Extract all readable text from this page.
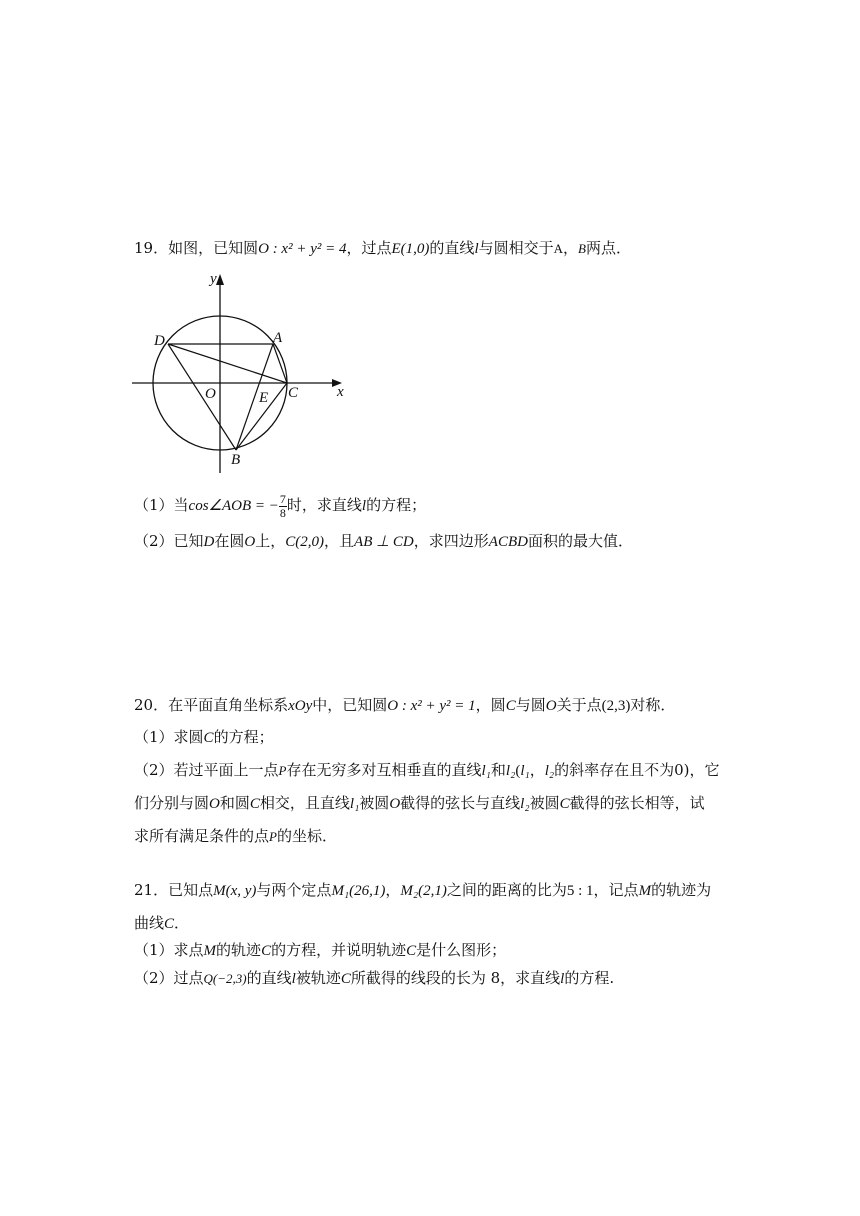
19．如图，已知圆O : x² + y² = 4，过点E(1,0)的直线l与圆相交于A，B两点．
y
x
D	A
O	E C
B
（1）当cos∠AOB = − $\frac{7}{8}$ 时，求直线l的方程；
（2）已知D在圆O上，C(2,0)，且AB ⊥ CD，求四边形ACBD面积的最大值．
20．在平面直角坐标系xOy中，已知圆O : x² + y² = 1，圆C与圆O关于点(2,3)对称．
（1）求圆C的方程；
（2）若过平面上一点P存在无穷多对互相垂直的直线l₁和l₂(l₁，l₂的斜率存在且不为0)，它
们分别与圆O和圆C相交，且直线l₁被圆O截得的弦长与直线l₂被圆C截得的弦长相等，试
求所有满足条件的点P的坐标．
21．已知点M(x, y)与两个定点M₁(26,1)，M₂(2,1)之间的距离的比为5 : 1，记点M的轨迹为
曲线C．
（1）求点M的轨迹C的方程，并说明轨迹C是什么图形；
（2）过点Q(−2,3)的直线l被轨迹C所截得的线段的长为 8，求直线l的方程.
